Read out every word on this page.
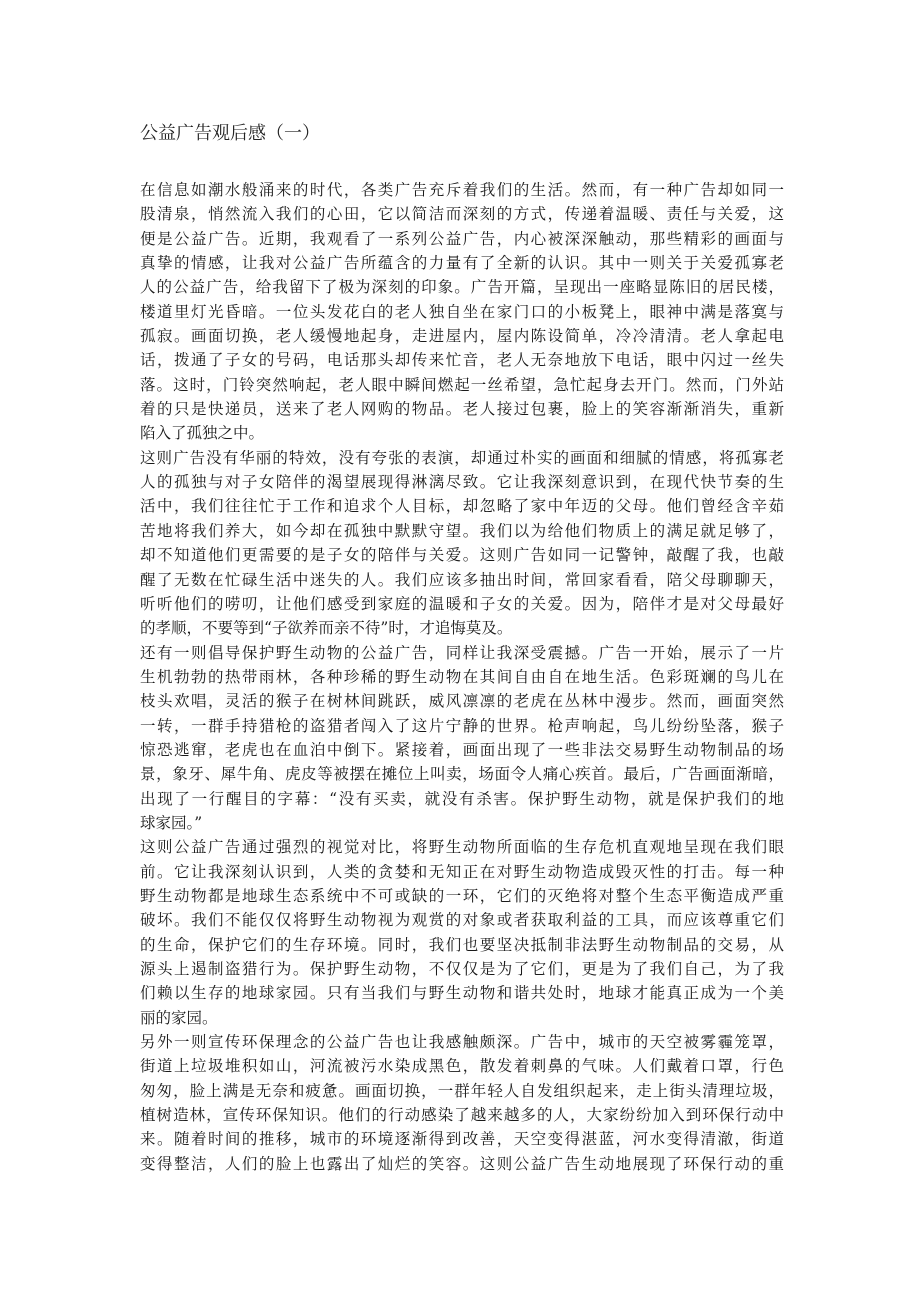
公益广告观后感（一）
在信息如潮水般涌来的时代，各类广告充斥着我们的生活。然而，有一种广告却如同一
股清泉，悄然流入我们的心田，它以简洁而深刻的方式，传递着温暖、责任与关爱，这
便是公益广告。近期，我观看了一系列公益广告，内心被深深触动，那些精彩的画面与
真挚的情感，让我对公益广告所蕴含的力量有了全新的认识。其中一则关于关爱孤寡老
人的公益广告，给我留下了极为深刻的印象。广告开篇，呈现出一座略显陈旧的居民楼，
楼道里灯光昏暗。一位头发花白的老人独自坐在家门口的小板凳上，眼神中满是落寞与
孤寂。画面切换，老人缓慢地起身，走进屋内，屋内陈设简单，冷冷清清。老人拿起电
话，拨通了子女的号码，电话那头却传来忙音，老人无奈地放下电话，眼中闪过一丝失
落。这时，门铃突然响起，老人眼中瞬间燃起一丝希望，急忙起身去开门。然而，门外站
着的只是快递员，送来了老人网购的物品。老人接过包裹，脸上的笑容渐渐消失，重新
陷入了孤独之中。
这则广告没有华丽的特效，没有夸张的表演，却通过朴实的画面和细腻的情感，将孤寡老
人的孤独与对子女陪伴的渴望展现得淋漓尽致。它让我深刻意识到，在现代快节奏的生
活中，我们往往忙于工作和追求个人目标，却忽略了家中年迈的父母。他们曾经含辛茹
苦地将我们养大，如今却在孤独中默默守望。我们以为给他们物质上的满足就足够了，
却不知道他们更需要的是子女的陪伴与关爱。这则广告如同一记警钟，敲醒了我，也敲
醒了无数在忙碌生活中迷失的人。我们应该多抽出时间，常回家看看，陪父母聊聊天，
听听他们的唠叨，让他们感受到家庭的温暖和子女的关爱。因为，陪伴才是对父母最好
的孝顺，不要等到“子欲养而亲不待”时，才追悔莫及。
还有一则倡导保护野生动物的公益广告，同样让我深受震撼。广告一开始，展示了一片
生机勃勃的热带雨林，各种珍稀的野生动物在其间自由自在地生活。色彩斑斓的鸟儿在
枝头欢唱，灵活的猴子在树林间跳跃，威风凛凛的老虎在丛林中漫步。然而，画面突然
一转，一群手持猎枪的盗猎者闯入了这片宁静的世界。枪声响起，鸟儿纷纷坠落，猴子
惊恐逃窜，老虎也在血泊中倒下。紧接着，画面出现了一些非法交易野生动物制品的场
景，象牙、犀牛角、虎皮等被摆在摊位上叫卖，场面令人痛心疾首。最后，广告画面渐暗，
出现了一行醒目的字幕：“没有买卖，就没有杀害。保护野生动物，就是保护我们的地
球家园。”
这则公益广告通过强烈的视觉对比，将野生动物所面临的生存危机直观地呈现在我们眼
前。它让我深刻认识到，人类的贪婪和无知正在对野生动物造成毁灭性的打击。每一种
野生动物都是地球生态系统中不可或缺的一环，它们的灭绝将对整个生态平衡造成严重
破坏。我们不能仅仅将野生动物视为观赏的对象或者获取利益的工具，而应该尊重它们
的生命，保护它们的生存环境。同时，我们也要坚决抵制非法野生动物制品的交易，从
源头上遏制盗猎行为。保护野生动物，不仅仅是为了它们，更是为了我们自己，为了我
们赖以生存的地球家园。只有当我们与野生动物和谐共处时，地球才能真正成为一个美
丽的家园。
另外一则宣传环保理念的公益广告也让我感触颇深。广告中，城市的天空被雾霾笼罩，
街道上垃圾堆积如山，河流被污水染成黑色，散发着刺鼻的气味。人们戴着口罩，行色
匆匆，脸上满是无奈和疲惫。画面切换，一群年轻人自发组织起来，走上街头清理垃圾，
植树造林，宣传环保知识。他们的行动感染了越来越多的人，大家纷纷加入到环保行动中
来。随着时间的推移，城市的环境逐渐得到改善，天空变得湛蓝，河水变得清澈，街道
变得整洁，人们的脸上也露出了灿烂的笑容。这则公益广告生动地展现了环保行动的重
